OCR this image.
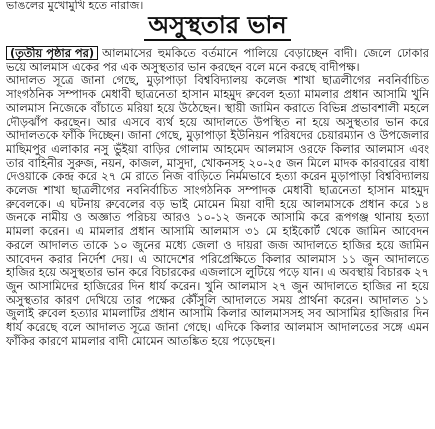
ভাঙলের মুখোমুখি হতে নারাজ।
অসুস্থতার ভান

(তৃতীয় পৃষ্ঠার পর) আলমাসের হুমকিতে বর্তমানে পালিয়ে বেড়াচ্ছেন বাদী। জেলে ঢোকার ভয়ে আলমাস একের পর এক অসুস্থতার ভান করছেন বলে মনে করছে বাদীপক্ষ।

আদালত সূত্রে জানা গেছে, মুড়াপাড়া বিশ্ববিদ্যালয় কলেজ শাখা ছাত্রলীগের নবনির্বাচিত সাংগঠনিক সম্পাদক মেধাবী ছাত্রনেতা হাসান মাহমুদ রুবেল হত্যা মামলার প্রধান আসামি খুনি আলমাস নিজেকে বাঁচাতে মরিয়া হয়ে উঠেছেন। স্থায়ী জামিন করাতে বিভিন্ন প্রভাবশালী মহলে দৌড়ঝাঁপ করছেন। আর এসবে ব্যর্থ হয়ে আদালতে উপস্থিত না হয়ে অসুস্থতার ভান করে আদালতকে ফাঁকি দিচ্ছেন। জানা গেছে, মুড়াপাড়া ইউনিয়ন পরিষদের চেয়ারম্যান ও উপজেলার মাছিমপুর এলাকার নসু ভুঁইয়া বাড়ির গোলাম আহমেদ আলমাস ওরফে কিলার আলমাস এবং তার বাহিনীর সুরুজ, নয়ন, কাজল, মাসুদা, খোকনসহ ২০-২৫ জন মিলে মাদক কারবারের বাধা দেওয়াকে কেন্দ্র করে ২৭ মে রাতে নিজ বাড়িতে নির্মমভাবে হত্যা করেন মুড়াপাড়া বিশ্ববিদ্যালয় কলেজ শাখা ছাত্রলীগের নবনির্বাচিত সাংগঠনিক সম্পাদক মেধাবী ছাত্রনেতা হাসান মাহমুদ রুবেলকে। এ ঘটনায় রুবেলের বড় ভাই মোমেন মিয়া বাদী হয়ে আলমাসকে প্রধান করে ১৪ জনকে নামীয় ও অজ্ঞাত পরিচয় আরও ১০-১২ জনকে আসামি করে রূপগঞ্জ থানায় হত্যা মামলা করেন। এ মামলার প্রধান আসামি আলমাস ৩১ মে হাইকোর্ট থেকে জামিন আবেদন করলে আদালত তাকে ১০ জুনের মধ্যে জেলা ও দায়রা জজ আদালতে হাজির হয়ে জামিন আবেদন করার নির্দেশ দেয়। এ আদেশের পরিপ্রেক্ষিতে কিলার আলমাস ১১ জুন আদালতে হাজির হয়ে অসুস্থতার ভান করে বিচারকের এজলাসে লুটিয়ে পড়ে যান। এ অবস্থায় বিচারক ২৭ জুন আসামিদের হাজিরের দিন ধার্য করেন। খুনি আলমাস ২৭ জুন আদালতে হাজির না হয়ে অসুস্থতার কারণ দেখিয়ে তার পক্ষের কৌঁসুলি আদালতে সময় প্রার্থনা করেন। আদালত ১১ জুলাই রুবেল হত্যার মামলাটির প্রধান আসামি কিলার আলমাসসহ সব আসামির হাজিরার দিন ধার্য করেছে বলে আদালত সূত্রে জানা গেছে। এদিকে কিলার আলমাস আদালতের সঙ্গে এমন ফাঁকির কারণে মামলার বাদী মোমেন আতঙ্কিত হয়ে পড়েছেন।
